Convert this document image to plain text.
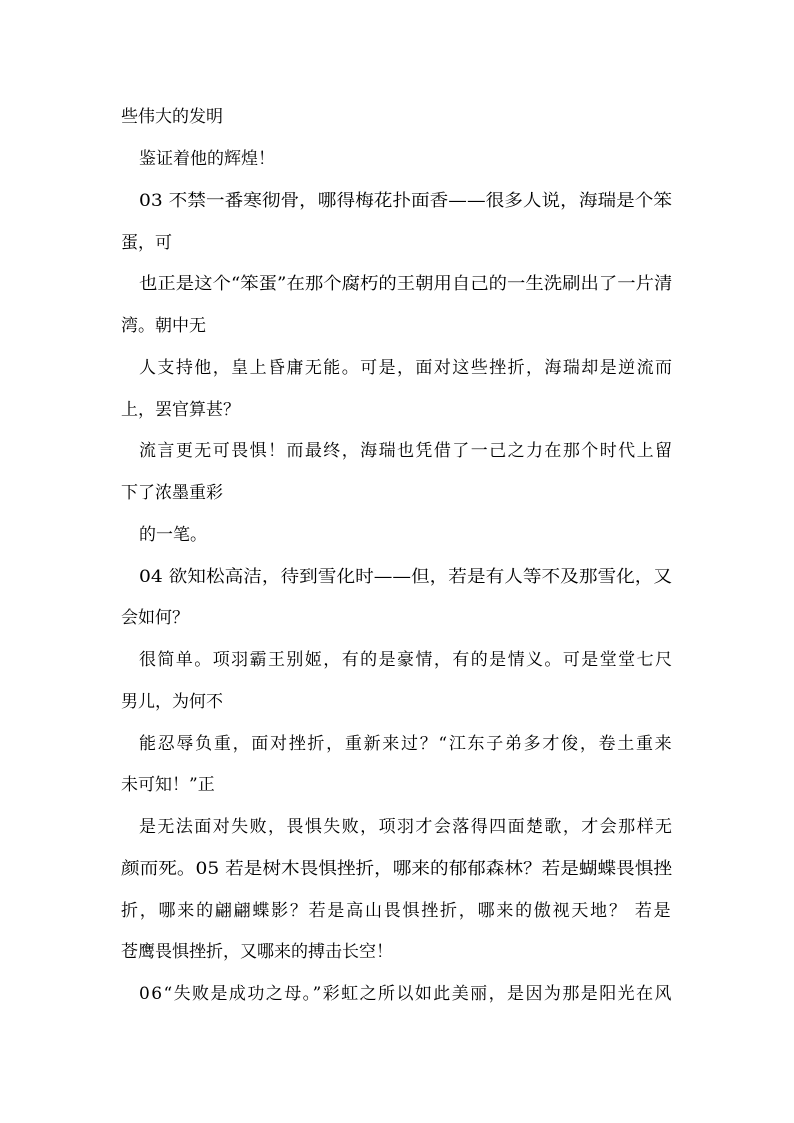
些伟大的发明
鉴证着他的辉煌！
03 不禁一番寒彻骨，哪得梅花扑面香——很多人说，海瑞是个笨
蛋，可
也正是这个“笨蛋”在那个腐朽的王朝用自己的一生洗刷出了一片清
湾。朝中无
人支持他，皇上昏庸无能。可是，面对这些挫折，海瑞却是逆流而
上，罢官算甚？
流言更无可畏惧！而最终，海瑞也凭借了一己之力在那个时代上留
下了浓墨重彩
的一笔。
04 欲知松高洁，待到雪化时——但，若是有人等不及那雪化，又
会如何？
很简单。项羽霸王别姬，有的是豪情，有的是情义。可是堂堂七尺
男儿，为何不
能忍辱负重，面对挫折，重新来过？“江东子弟多才俊，卷土重来
未可知！”正
是无法面对失败，畏惧失败，项羽才会落得四面楚歌，才会那样无
颜而死。05 若是树木畏惧挫折，哪来的郁郁森林？若是蝴蝶畏惧挫
折，哪来的翩翩蝶影？若是高山畏惧挫折，哪来的傲视天地？ 若是
苍鹰畏惧挫折，又哪来的搏击长空！
06“失败是成功之母。”彩虹之所以如此美丽，是因为那是阳光在风
